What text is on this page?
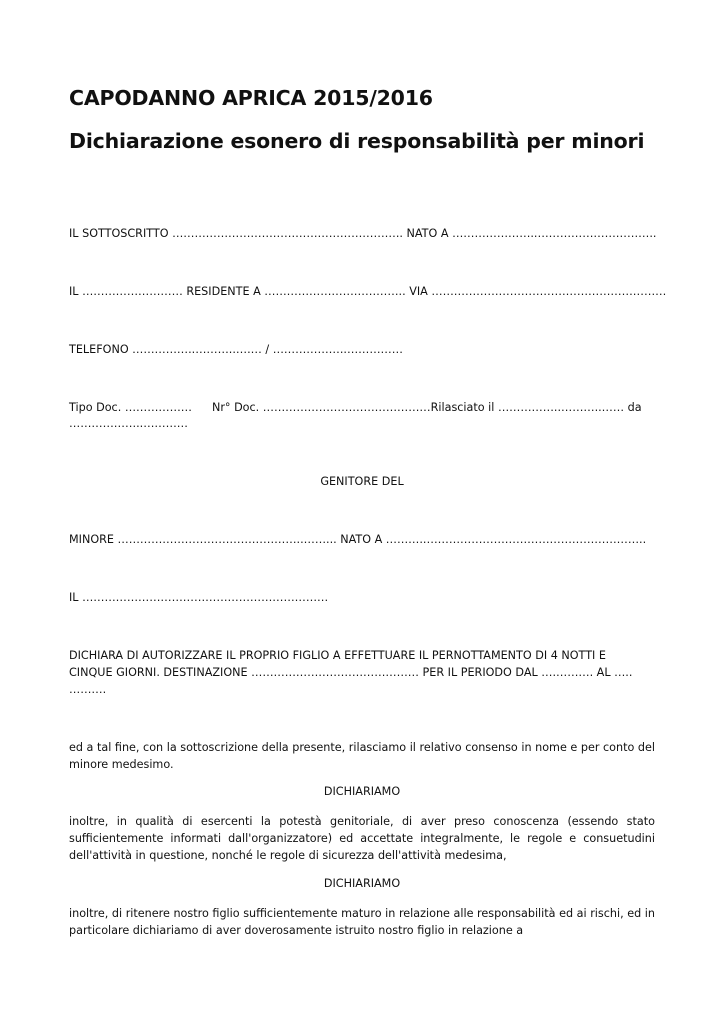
CAPODANNO APRICA 2015/2016
Dichiarazione esonero di responsabilità per minori

IL SOTTOSCRITTO …………………………………………………….. NATO A …………………..…………………………..

IL ……………………… RESIDENTE A ……………………………….. VIA ………………………………………………………

TELEFONO ……………..………..….… / ………………..……………

Tipo Doc. ……………… Nr° Doc. ………………………………………Rilasciato il ……………..………..…… da

………………..…………

GENITORE DEL

MINORE …………………………………………..……... NATO A ………..…………………………………………………..

IL …………………………………………………………

DICHIARA DI AUTORIZZARE IL PROPRIO FIGLIO A EFFETTUARE IL PERNOTTAMENTO DI 4 NOTTI E

CINQUE GIORNI. DESTINAZIONE ……………………………………… PER IL PERIODO DAL ….………. AL …..

……….

ed a tal fine, con la sottoscrizione della presente, rilasciamo il relativo consenso in nome e per conto del minore medesimo.

DICHIARIAMO

inoltre, in qualità di esercenti la potestà genitoriale, di aver preso conoscenza (essendo stato sufficientemente informati dall'organizzatore) ed accettate integralmente, le regole e consuetudini dell'attività in questione, nonché le regole di sicurezza dell'attività medesima,

DICHIARIAMO

inoltre, di ritenere nostro figlio sufficientemente maturo in relazione alle responsabilità ed ai rischi, ed in particolare dichiariamo di aver doverosamente istruito nostro figlio in relazione a
